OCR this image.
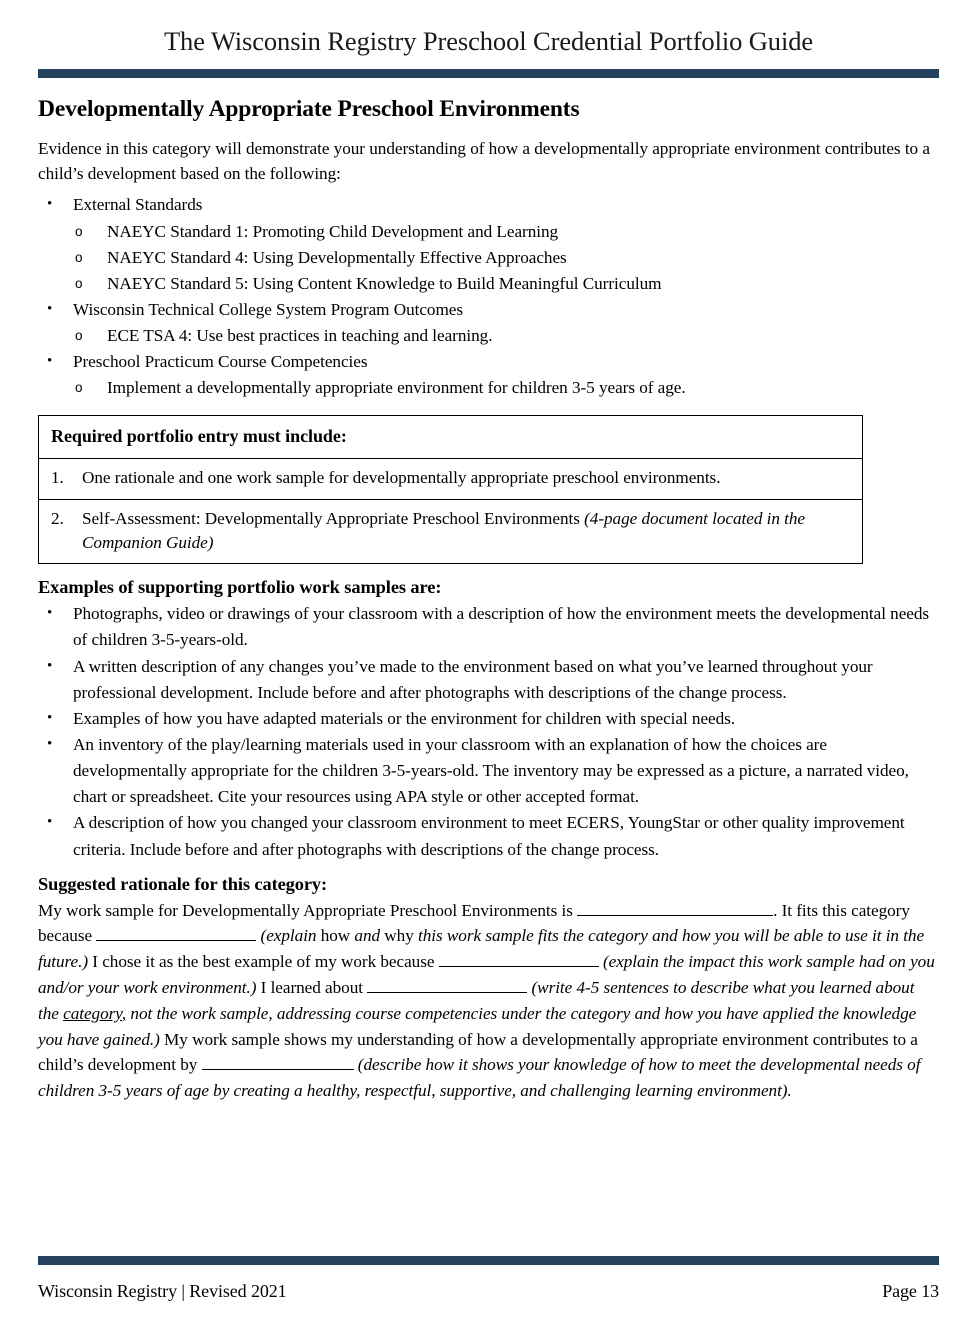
The Wisconsin Registry Preschool Credential Portfolio Guide
Developmentally Appropriate Preschool Environments

Evidence in this category will demonstrate your understanding of how a developmentally appropriate environment contributes to a child’s development based on the following:

• External Standards
o NAEYC Standard 1: Promoting Child Development and Learning
o NAEYC Standard 4: Using Developmentally Effective Approaches
o NAEYC Standard 5: Using Content Knowledge to Build Meaningful Curriculum
• Wisconsin Technical College System Program Outcomes
o ECE TSA 4: Use best practices in teaching and learning.
• Preschool Practicum Course Competencies
o Implement a developmentally appropriate environment for children 3-5 years of age.
Required portfolio entry must include:

1. One rationale and one work sample for developmentally appropriate preschool environments.

2. Self-Assessment: Developmentally Appropriate Preschool Environments (4-page document located in the Companion Guide)
Examples of supporting portfolio work samples are:
• Photographs, video or drawings of your classroom with a description of how the environment meets the developmental needs of children 3-5-years-old.
• A written description of any changes you’ve made to the environment based on what you’ve learned throughout your professional development. Include before and after photographs with descriptions of the change process.
• Examples of how you have adapted materials or the environment for children with special needs.
• An inventory of the play/learning materials used in your classroom with an explanation of how the choices are developmentally appropriate for the children 3-5-years-old. The inventory may be expressed as a picture, a narrated video, chart or spreadsheet. Cite your resources using APA style or other accepted format.
• A description of how you changed your classroom environment to meet ECERS, YoungStar or other quality improvement criteria. Include before and after photographs with descriptions of the change process.
Suggested rationale for this category:

My work sample for Developmentally Appropriate Preschool Environments is	. It fits this category because	(explain how and why this work sample fits the category and how you will be able to use it in the future.) I chose it as the best example of my work because	(explain the impact this work sample had on you and/or your work environment.) I learned about	(write 4-5 sentences to describe what you learned about the category, not the work sample, addressing course competencies under the category and how you have applied the knowledge you have gained.) My work sample shows my understanding of how a developmentally appropriate environment contributes to a child’s development by	(describe how it shows your knowledge of how to meet the developmental needs of children 3-5 years of age by creating a healthy, respectful, supportive, and challenging learning environment).

Wisconsin Registry | Revised 2021	Page 13
